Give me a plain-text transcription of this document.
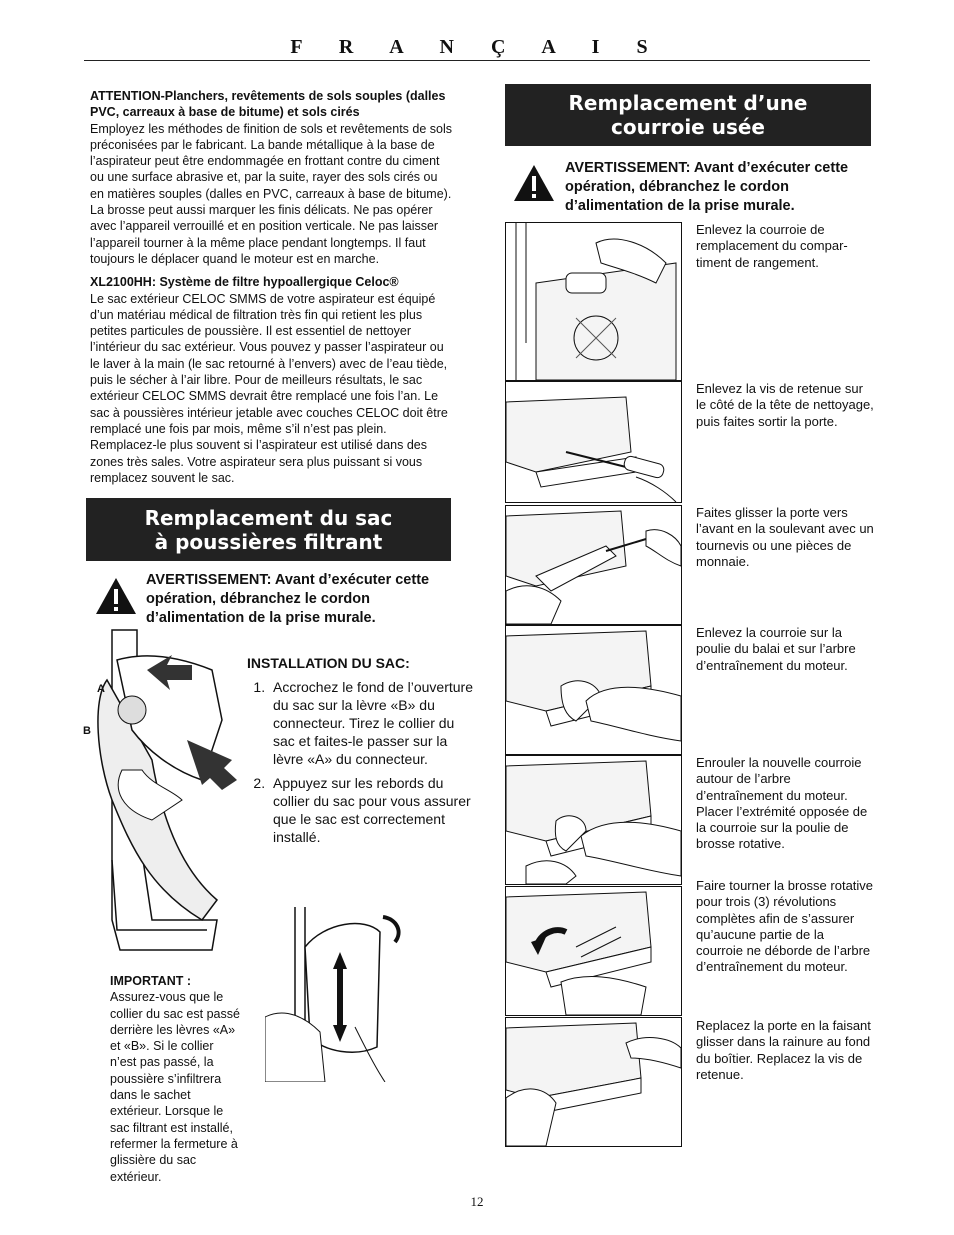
F R A N Ç A I S
ATTENTION-Planchers, revêtements de sols souples (dalles PVC, carreaux à base de bitume) et sols cirés
Employez les méthodes de finition de sols et revêtements de sols préconisées par le fabricant. La bande métallique à la base de l’aspirateur peut être endommagée en frottant contre du ciment ou une surface abrasive et, par la suite, rayer des sols cirés ou en matières souples (dalles en PVC, carreaux à base de bitume). La brosse peut aussi marquer les finis délicats. Ne pas opérer avec l’appareil verrouillé et en position verticale. Ne pas laisser l’appareil tourner à la même place pendant longtemps. Il faut toujours le déplacer quand le moteur est en marche.
XL2100HH: Système de filtre hypoallergique Celoc®
Le sac extérieur CELOC SMMS de votre aspirateur est équipé d’un matériau médical de filtration très fin qui retient les plus petites particules de poussière. Il est essentiel de nettoyer l’intérieur du sac extérieur. Vous pouvez y passer l’aspirateur ou le laver à la main (le sac retourné à l’envers) avec de l’eau tiède, puis le sécher à l’air libre. Pour de meilleurs résultats, le sac extérieur CELOC SMMS devrait être remplacé une fois l’an. Le sac à poussières intérieur jetable avec couches CELOC doit être remplacé une fois par mois, même s’il n’est pas plein. Remplacez-le plus souvent si l’aspirateur est utilisé dans des zones très sales. Votre aspirateur sera plus puissant si vous remplacez souvent le sac.
Remplacement du sac
à poussières filtrant
AVERTISSEMENT: Avant d’exécuter cette opération, débranchez le cordon d’alimentation de la prise murale.
A
B
INSTALLATION DU SAC:
1. Accrochez le fond de l’ouverture du sac sur la lèvre «B» du connecteur. Tirez le collier du sac et faites-le passer sur la lèvre «A» du connecteur.
2. Appuyez sur les rebords du collier du sac pour vous assurer que le sac est correctement installé.
IMPORTANT :
Assurez-vous que le collier du sac est passé derrière les lèvres «A» et «B». Si le collier n’est pas passé, la poussière s’infiltrera dans le sachet extérieur. Lorsque le sac filtrant est installé, refermer la fermeture à glissière du sac extérieur.
Remplacement d’une
courroie usée
AVERTISSEMENT: Avant d’exécuter cette opération, débranchez le cordon d’alimentation de la prise murale.
Enlevez la courroie de remplacement du compar-timent de rangement.
Enlevez la vis de retenue sur le côté de la tête de nettoyage, puis faites sortir la porte.
Faites glisser la porte vers l’avant en la soulevant avec un tournevis ou une pièces de monnaie.
Enlevez la courroie sur la poulie du balai et sur l’arbre d’entraînement du moteur.
Enrouler la nouvelle courroie autour de l’arbre d’entraînement du moteur. Placer l’extrémité opposée de la courroie sur la poulie de brosse rotative.
Faire tourner la brosse rotative pour trois (3) révolutions complètes afin de s’assurer qu’aucune partie de la courroie ne déborde de l’arbre d’entraînement du moteur.
Replacez la porte en la faisant glisser dans la rainure au fond du boîtier. Replacez la vis de retenue.
12
